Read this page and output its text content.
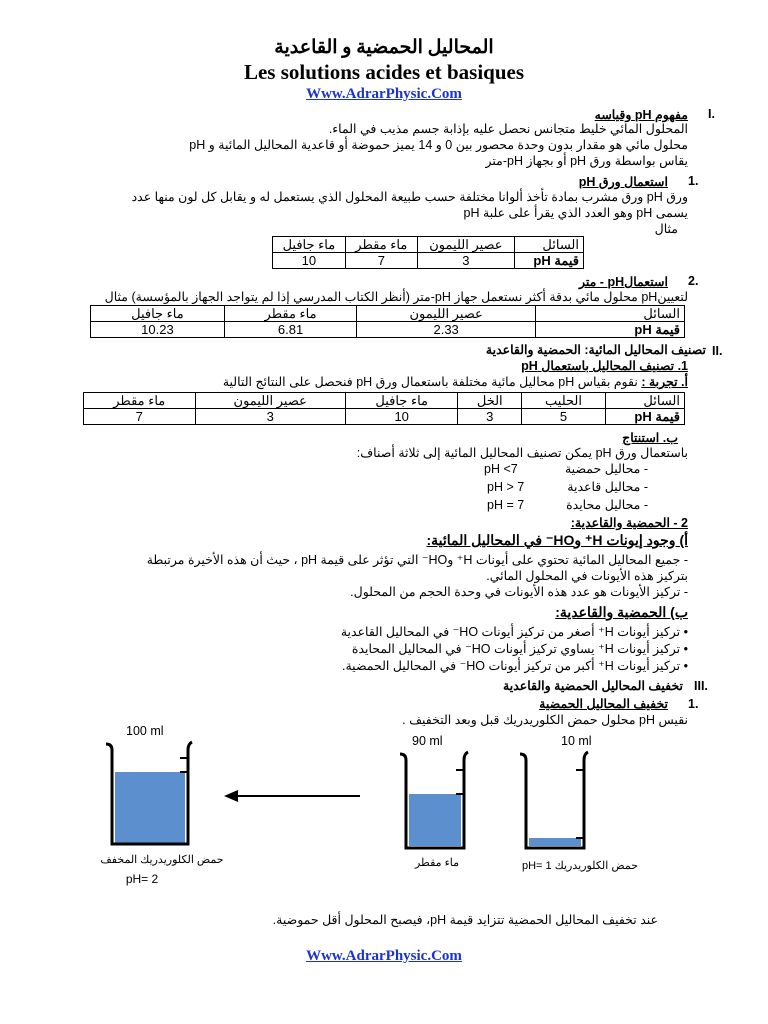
المحاليل الحمضية و القاعدية
Les solutions acides et basiques
Www.AdrarPhysic.Com
I.
مفهوم pH وقياسه
المحلول المائي خليط متجانس نحصل عليه بإذابة جسم مذيب في الماء.
pH محلول مائي هو مقدار بدون وحدة محصور بين 0 و 14 يميز حموضة أو قاعدية المحاليل المائية و
يقاس بواسطة ورق pH أو بجهاز pH-متر
1.
استعمال ورق pH
ورق pH ورق مشرب بمادة تأخذ ألوانا مختلفة حسب طبيعة المحلول الذي يستعمل له و يقابل كل لون منها عدد
يسمى pH وهو العدد الذي يقرأ على علبة pH
مثال
السائل	عصير الليمون	ماء مقطر	ماء جافيل
قيمة pH	3	7	10
2.
استعمالpH - متر
لتعيينpH محلول مائي بدقة أكثر نستعمل جهاز pH-متر (أنظر الكتاب المدرسي إذا لم يتواجد الجهاز بالمؤسسة) مثال
السائل	عصير الليمون	ماء مقطر	ماء جافيل
قيمة pH	2.33	6.81	10.23
II.
تصنيف المحاليل المائية: الحمضية والقاعدية
1. تصنيف المحاليل باستعمال pH
أ. تجربة : نقوم بقياس pH محاليل مائية مختلفة باستعمال ورق pH فنحصل على النتائج التالية
السائل	الحليب	الخل	ماء جافيل	عصير الليمون	ماء مقطر
قيمة pH	5	3	10	3	7
ب. استنتاج
باستعمال ورق pH يمكن تصنيف المحاليل المائية إلى ثلاثة أصناف:
- محاليل حمضية
pH <7
- محاليل قاعدية
pH > 7
- محاليل محايدة
pH = 7
2 - الحمضية والقاعدية:
أ) وجود إيونات H⁺ وHO⁻ في المحاليل المائية:
- جميع المحاليل المائية تحتوي على أيونات H⁺ وHO⁻ التي تؤثر على قيمة pH ، حيث أن هذه الأخيرة مرتبطة
بتركيز هذه الأيونات في المحلول المائي.
- تركيز الأيونات هو عدد هذه الأيونات في وحدة الحجم من المحلول.
ب) الحمضية والقاعدية:
• تركيز أيونات H⁺ أصغر من تركيز أيونات HO⁻ في المحاليل القاعدية
• تركيز أيونات H⁺ يساوي تركيز أيونات HO⁻ في المحاليل المحايدة
• تركيز أيونات H⁺ أكبر من تركيز أيونات HO⁻ في المحاليل الحمضية.
III.
تخفيف المحاليل الحمضية والقاعدية
1.
تخفيف المحاليل الحمضية
نقيس pH محلول حمض الكلوريدريك قبل وبعد التخفيف .
100 ml
حمض الكلوريدريك المخفف
pH= 2
90 ml
ماء مقطر
10 ml
حمض الكلوريدريك pH= 1
عند تخفيف المحاليل الحمضية تتزايد قيمة pH، فيصبح المحلول أقل حموضية.
Www.AdrarPhysic.Com
